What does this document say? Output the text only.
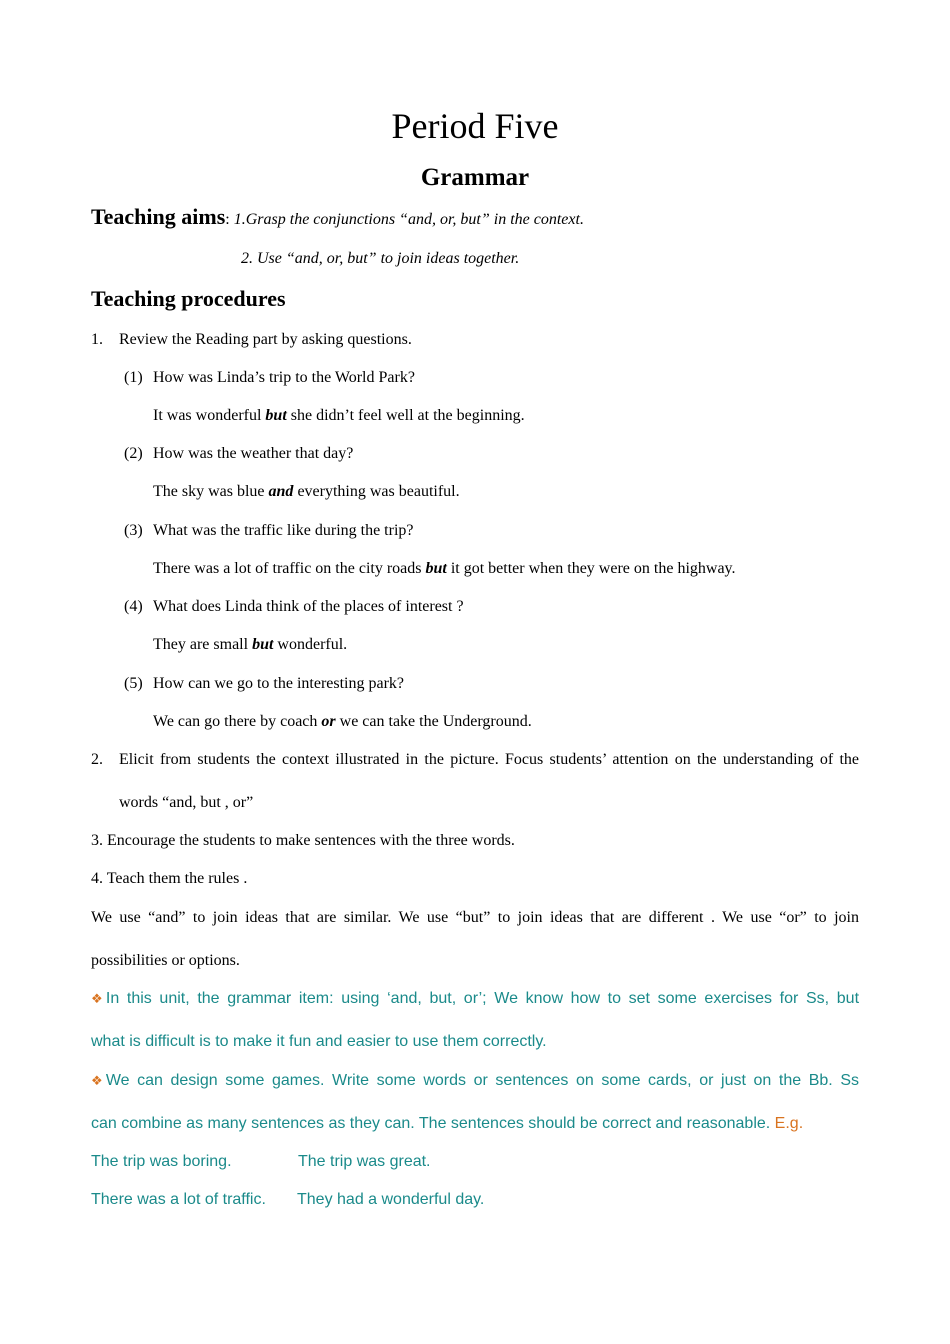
Period Five
Grammar
Teaching aims: 1.Grasp the conjunctions “and, or, but” in the context.
2. Use “and, or, but” to join ideas together.
Teaching procedures
1. Review the Reading part by asking questions.
(1) How was Linda’s trip to the World Park?
It was wonderful but she didn’t feel well at the beginning.
(2) How was the weather that day?
The sky was blue and everything was beautiful.
(3) What was the traffic like during the trip?
There was a lot of traffic on the city roads but it got better when they were on the highway.
(4) What does Linda think of the places of interest ?
They are small but wonderful.
(5) How can we go to the interesting park?
We can go there by coach or we can take the Underground.
2. Elicit from students the context illustrated in the picture. Focus students’ attention on the understanding of the
words “and, but , or”
3. Encourage the students to make sentences with the three words.
4. Teach them the rules .
We use “and” to join ideas that are similar. We use “but” to join ideas that are different . We use “or” to join
possibilities or options.
❖In this unit, the grammar item: using ‘and, but, or’; We know how to set some exercises for Ss, but
what is difficult is to make it fun and easier to use them correctly.
❖We can design some games. Write some words or sentences on some cards, or just on the Bb. Ss
can combine as many sentences as they can. The sentences should be correct and reasonable. E.g.
The trip was boring.	The trip was great.
There was a lot of traffic. They had a wonderful day.
